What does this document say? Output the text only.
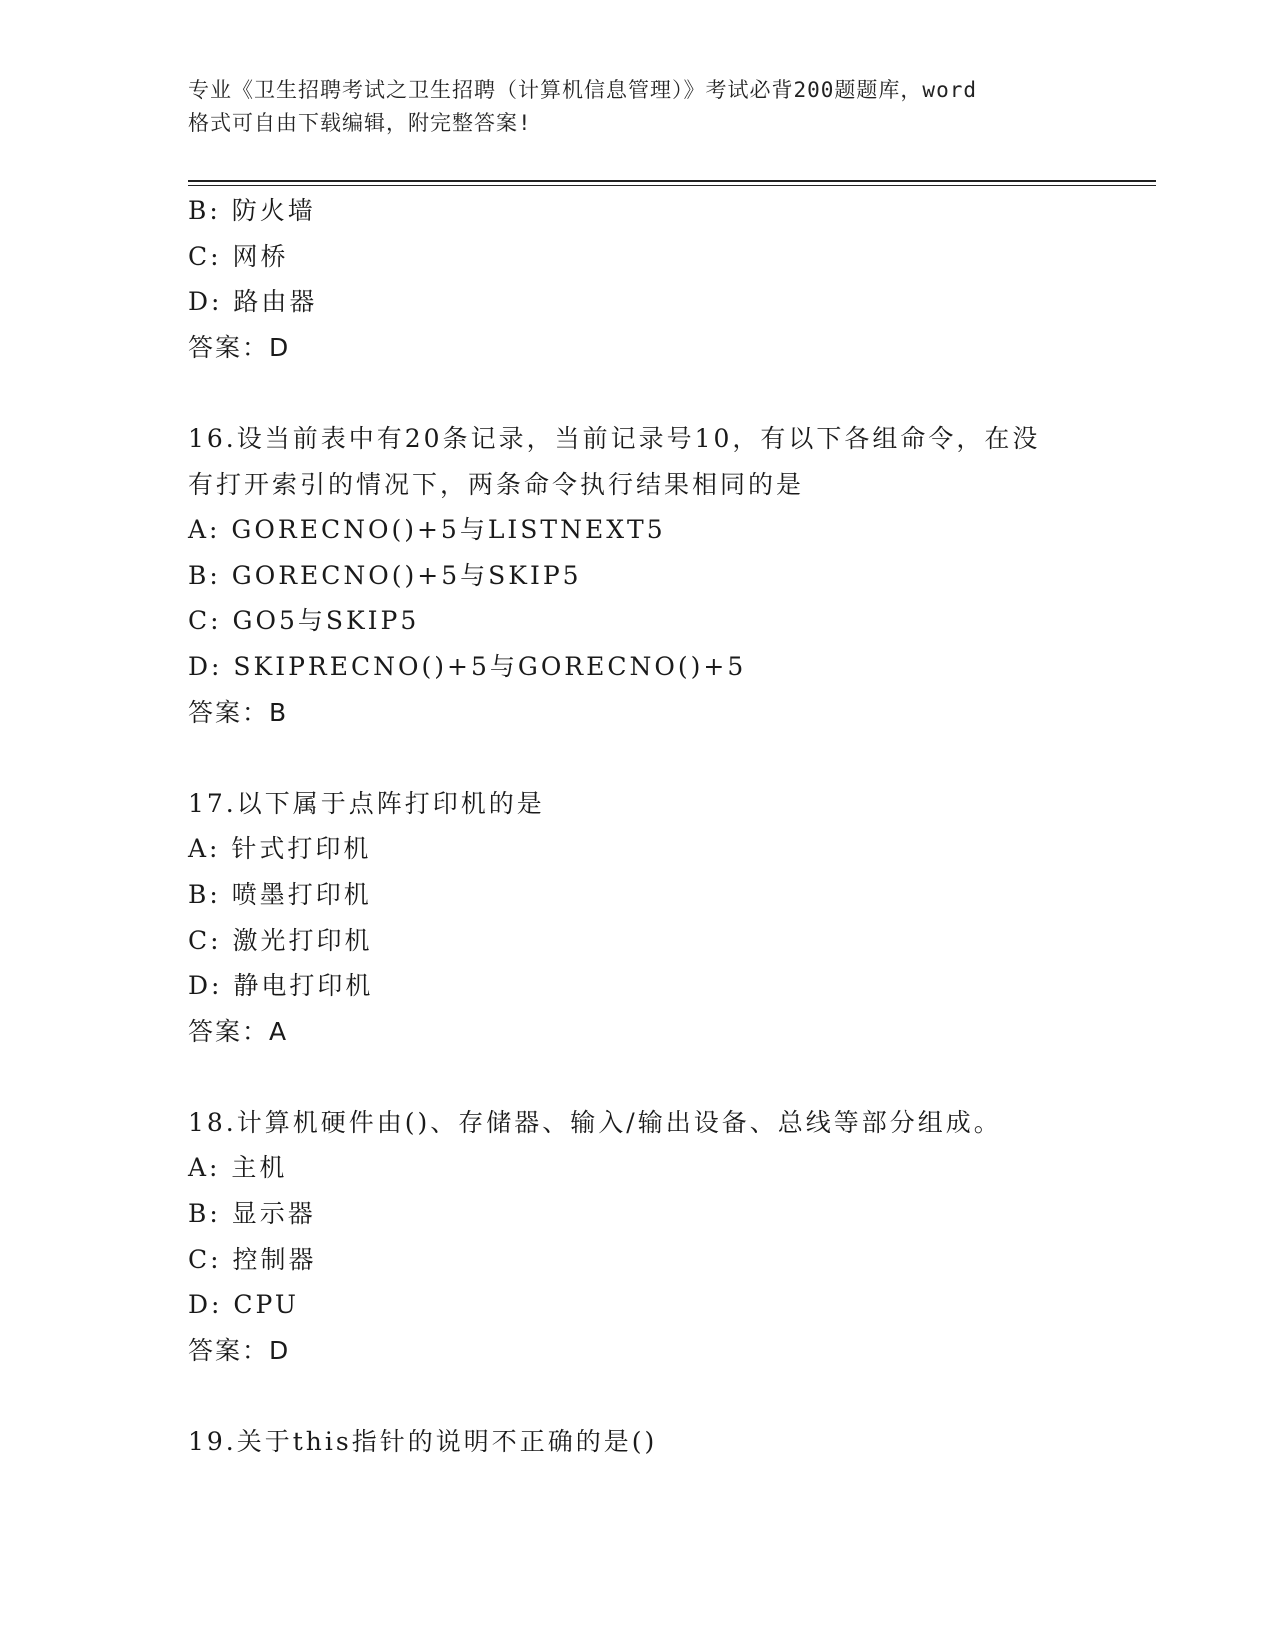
专业《卫生招聘考试之卫生招聘（计算机信息管理）》考试必背200题题库，word
格式可自由下载编辑，附完整答案!
B: 防火墙
C: 网桥
D: 路由器
答案：D
16.设当前表中有20条记录，当前记录号10，有以下各组命令，在没
有打开索引的情况下，两条命令执行结果相同的是
A: GORECNO()+5与LISTNEXT5
B: GORECNO()+5与SKIP5
C: GO5与SKIP5
D: SKIPRECNO()+5与GORECNO()+5
答案：B
17.以下属于点阵打印机的是
A: 针式打印机
B: 喷墨打印机
C: 激光打印机
D: 静电打印机
答案：A
18.计算机硬件由()、存储器、输入/输出设备、总线等部分组成。
A: 主机
B: 显示器
C: 控制器
D: CPU
答案：D
19.关于this指针的说明不正确的是()
